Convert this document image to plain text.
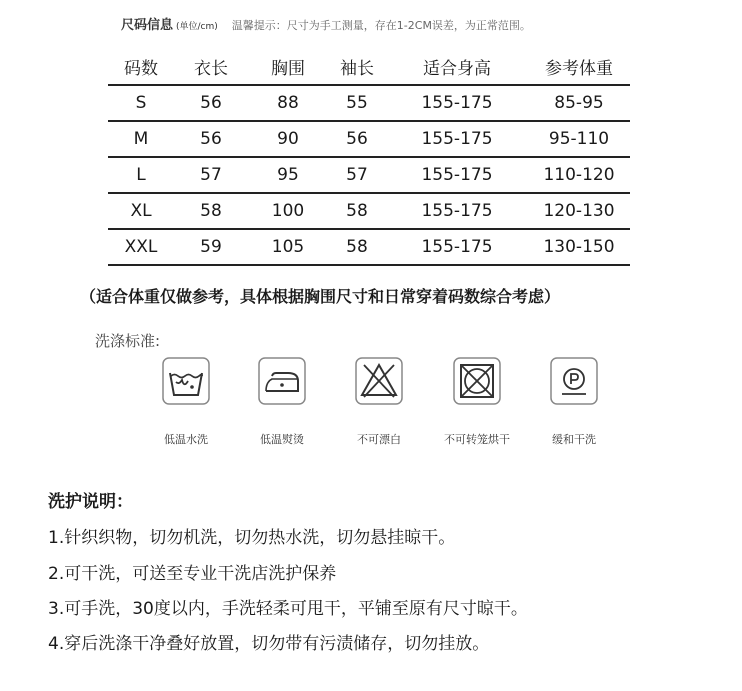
尺码信息 (单位/cm) 温馨提示：尺寸为手工测量，存在1-2CM误差，为正常范围。
码数	衣长	胸围	袖长	适合身高	参考体重
S	56	88	55	155-175	85-95
M	56	90	56	155-175	95-110
L	57	95	57	155-175	110-120
XL	58	100	58	155-175	120-130
XXL	59	105	58	155-175	130-150
（适合体重仅做参考，具体根据胸围尺寸和日常穿着码数综合考虑）
洗涤标准:
低温水洗	低温熨烫	不可漂白	不可转笼烘干	缓和干洗
洗护说明：
1.针织织物，切勿机洗，切勿热水洗，切勿悬挂晾干。
2.可干洗，可送至专业干洗店洗护保养
3.可手洗，30度以内，手洗轻柔可甩干，平铺至原有尺寸晾干。
4.穿后洗涤干净叠好放置，切勿带有污渍储存，切勿挂放。
